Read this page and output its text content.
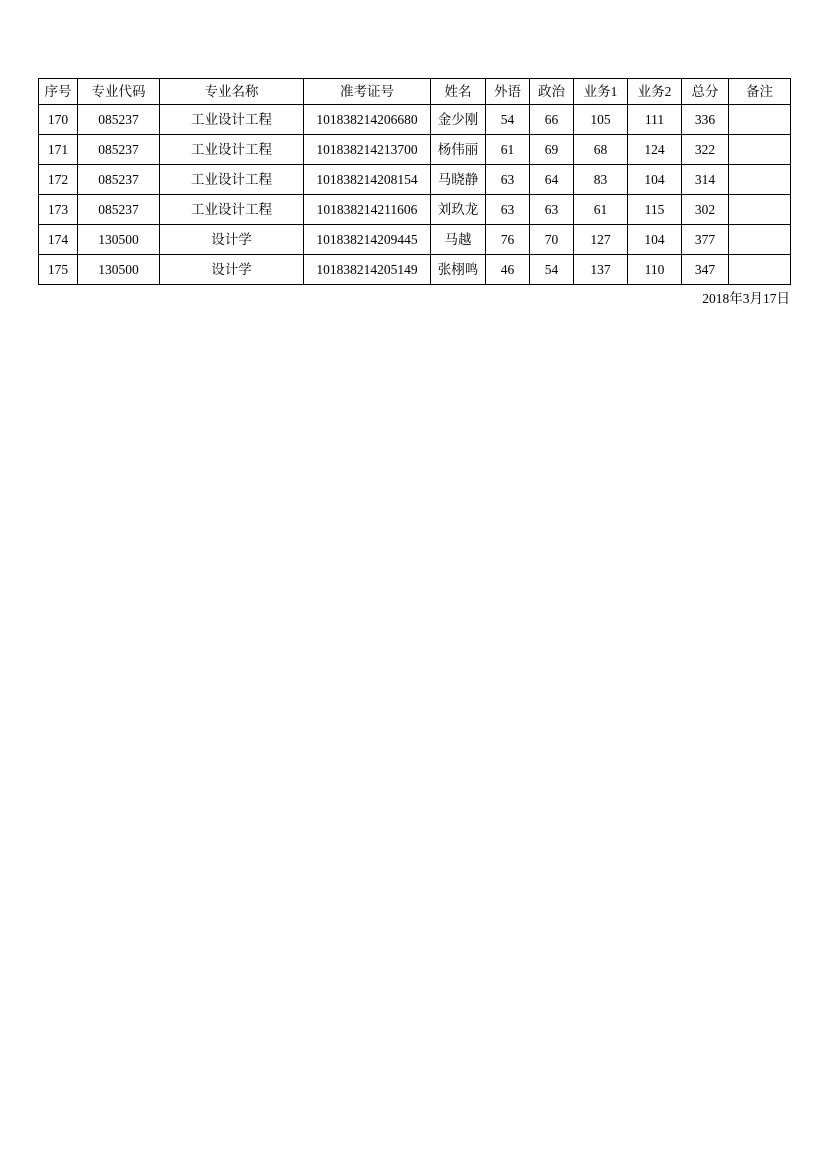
序号	专业代码	专业名称	准考证号	姓名	外语	政治	业务1	业务2	总分	备注
170	085237	工业设计工程	101838214206680	金少刚	54	66	105	111	336	
171	085237	工业设计工程	101838214213700	杨伟丽	61	69	68	124	322	
172	085237	工业设计工程	101838214208154	马晓静	63	64	83	104	314	
173	085237	工业设计工程	101838214211606	刘玖龙	63	63	61	115	302	
174	130500	设计学	101838214209445	马越	76	70	127	104	377	
175	130500	设计学	101838214205149	张栩鸣	46	54	137	110	347	
2018年3月17日
